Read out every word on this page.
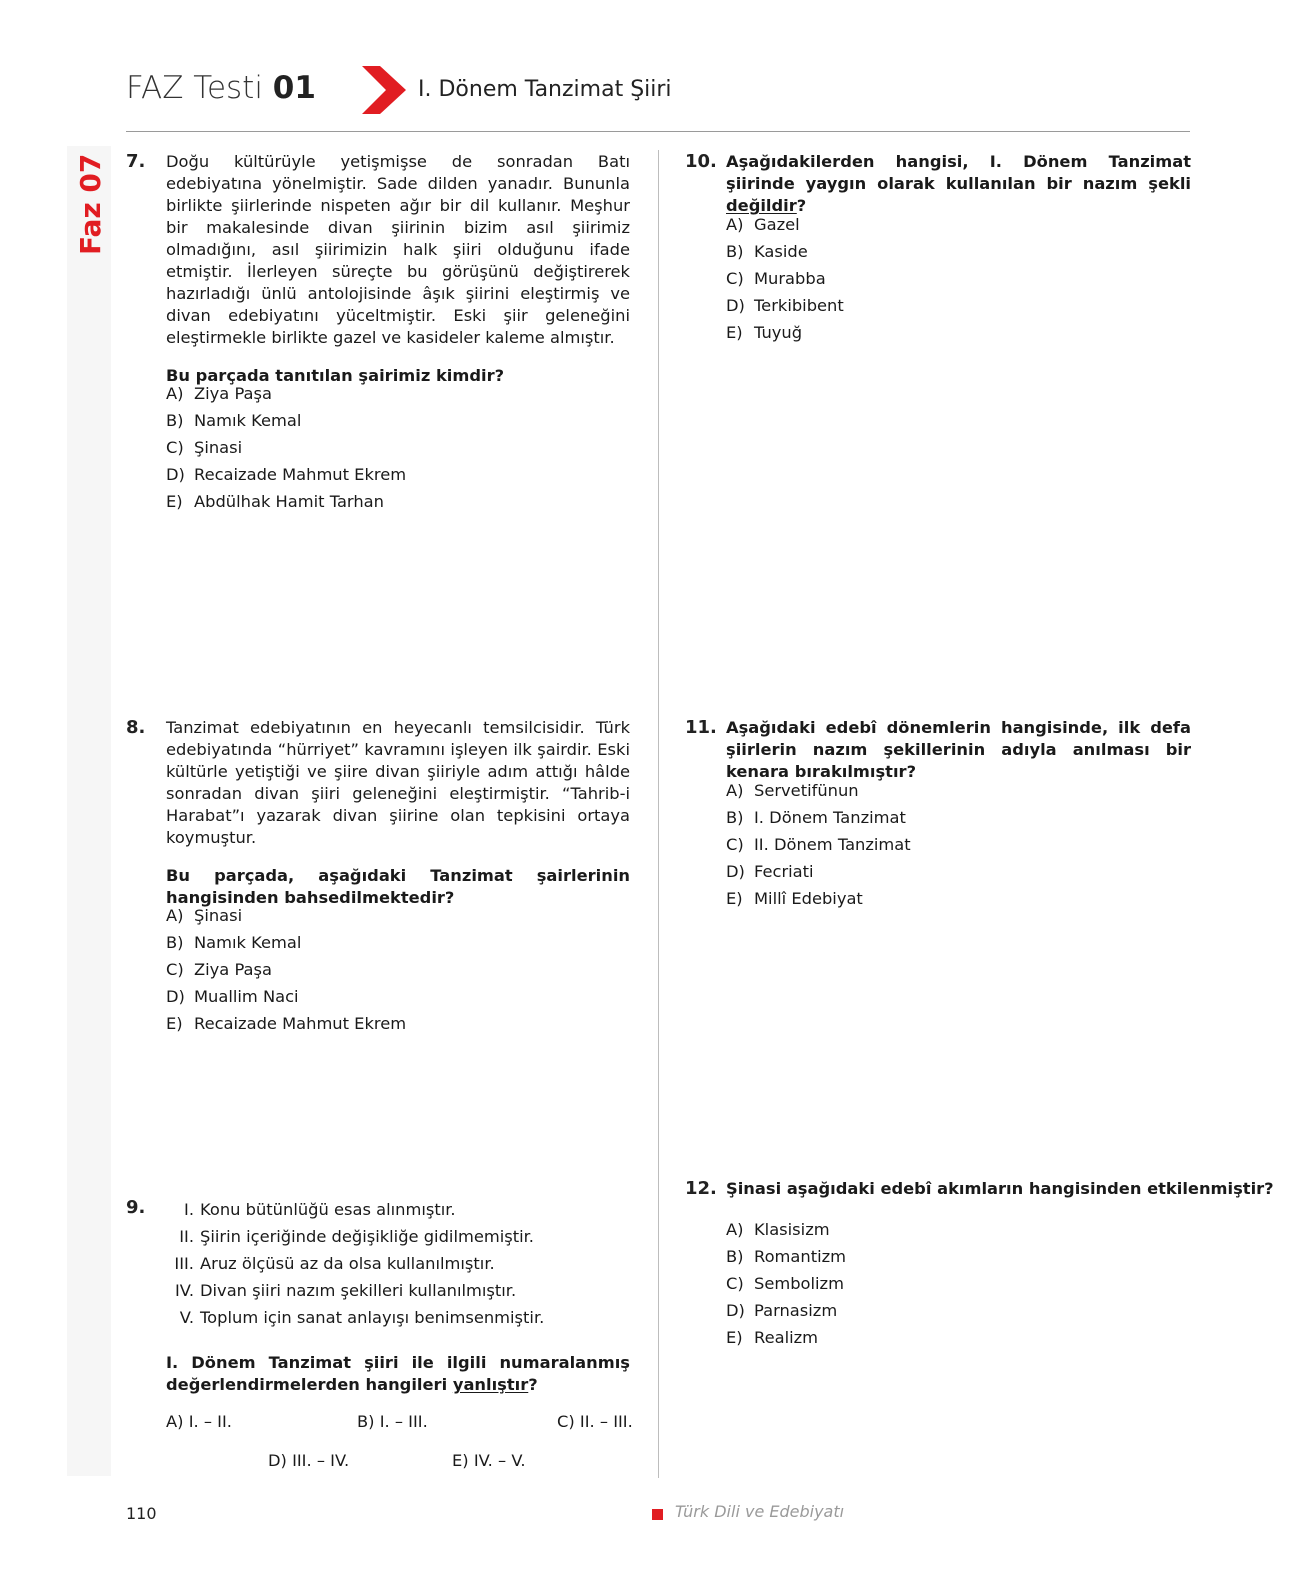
Faz 07
FAZ Testi 01	I. Dönem Tanzimat Şiiri
7. Doğu kültürüyle yetişmişse de sonradan Batı edebiyatına yönelmiştir. Sade dilden yanadır. Bununla birlikte şiirlerinde nispeten ağır bir dil kullanır. Meşhur bir makalesinde divan şiirinin bizim asıl şiirimiz olmadığını, asıl şiirimizin halk şiiri olduğunu ifade etmiştir. İlerleyen süreçte bu görüşünü değiştirerek hazırladığı ünlü antolojisinde âşık şiirini eleştirmiş ve divan edebiyatını yüceltmiştir. Eski şiir geleneğini eleştirmekle birlikte gazel ve kasideler kaleme almıştır.
Bu parçada tanıtılan şairimiz kimdir?
A) Ziya Paşa
B) Namık Kemal
C) Şinasi
D) Recaizade Mahmut Ekrem
E) Abdülhak Hamit Tarhan
8. Tanzimat edebiyatının en heyecanlı temsilcisidir. Türk edebiyatında “hürriyet” kavramını işleyen ilk şairdir. Eski kültürle yetiştiği ve şiire divan şiiriyle adım attığı hâlde sonradan divan şiiri geleneğini eleştirmiştir. “Tahrib-i Harabat”ı yazarak divan şiirine olan tepkisini ortaya koymuştur.
Bu parçada, aşağıdaki Tanzimat şairlerinin hangisinden bahsedilmektedir?
A) Şinasi
B) Namık Kemal
C) Ziya Paşa
D) Muallim Naci
E) Recaizade Mahmut Ekrem
9.	I. Konu bütünlüğü esas alınmıştır.
II. Şiirin içeriğinde değişikliğe gidilmemiştir.
III. Aruz ölçüsü az da olsa kullanılmıştır.
IV. Divan şiiri nazım şekilleri kullanılmıştır.
V. Toplum için sanat anlayışı benimsenmiştir.
I. Dönem Tanzimat şiiri ile ilgili numaralanmış değerlendirmelerden hangileri yanlıştır?
A) I. – II.	B) I. – III.	C) II. – III.
D) III. – IV.	E) IV. – V.
10. Aşağıdakilerden hangisi, I. Dönem Tanzimat şiirinde yaygın olarak kullanılan bir nazım şekli değildir?
A) Gazel
B) Kaside
C) Murabba
D) Terkibibent
E) Tuyuğ
11. Aşağıdaki edebî dönemlerin hangisinde, ilk defa şiirlerin nazım şekillerinin adıyla anılması bir kenara bırakılmıştır?
A) Servetifünun
B) I. Dönem Tanzimat
C) II. Dönem Tanzimat
D) Fecriati
E) Millî Edebiyat
12. Şinasi aşağıdaki edebî akımların hangisinden etkilenmiştir?
A) Klasisizm
B) Romantizm
C) Sembolizm
D) Parnasizm
E) Realizm
110	Türk Dili ve Edebiyatı
